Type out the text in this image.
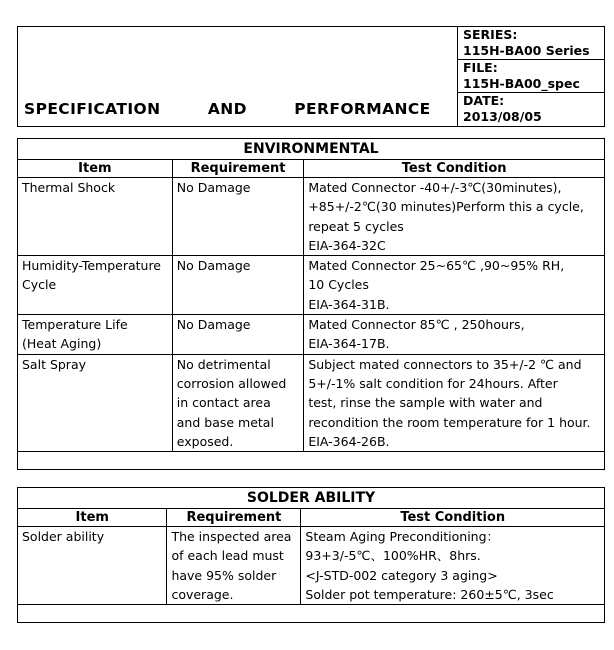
SPECIFICATION   AND   PERFORMANCE
SERIES:
115H-BA00 Series
FILE:
115H-BA00_spec
DATE:
2013/08/05
ENVIRONMENTAL		
Item	Requirement	Test Condition

Thermal Shock	No Damage	Mated Connector -40+/-3℃(30minutes),
+85+/-2℃(30 minutes)Perform this a cycle,
repeat 5 cycles
EIA-364-32C

Humidity-Temperature
Cycle	No Damage	Mated Connector 25~65℃ ,90~95% RH,
10 Cycles
EIA-364-31B.

Temperature Life
(Heat Aging)	No Damage	Mated Connector 85℃ , 250hours,
EIA-364-17B.

Salt Spray	No detrimental
corrosion allowed
in contact area
and base metal
exposed.	Subject mated connectors to 35+/-2 ℃ and
5+/-1% salt condition for 24hours. After
test, rinse the sample with water and
recondition the room temperature for 1 hour.
EIA-364-26B.

SOLDER ABILITY		
Item	Requirement	Test Condition

Solder ability	The inspected area
of each lead must
have 95% solder
coverage.	Steam Aging Preconditioning：
93+3/-5℃、100%HR、8hrs.
<J-STD-002 category 3 aging>
Solder pot temperature: 260±5℃, 3sec
